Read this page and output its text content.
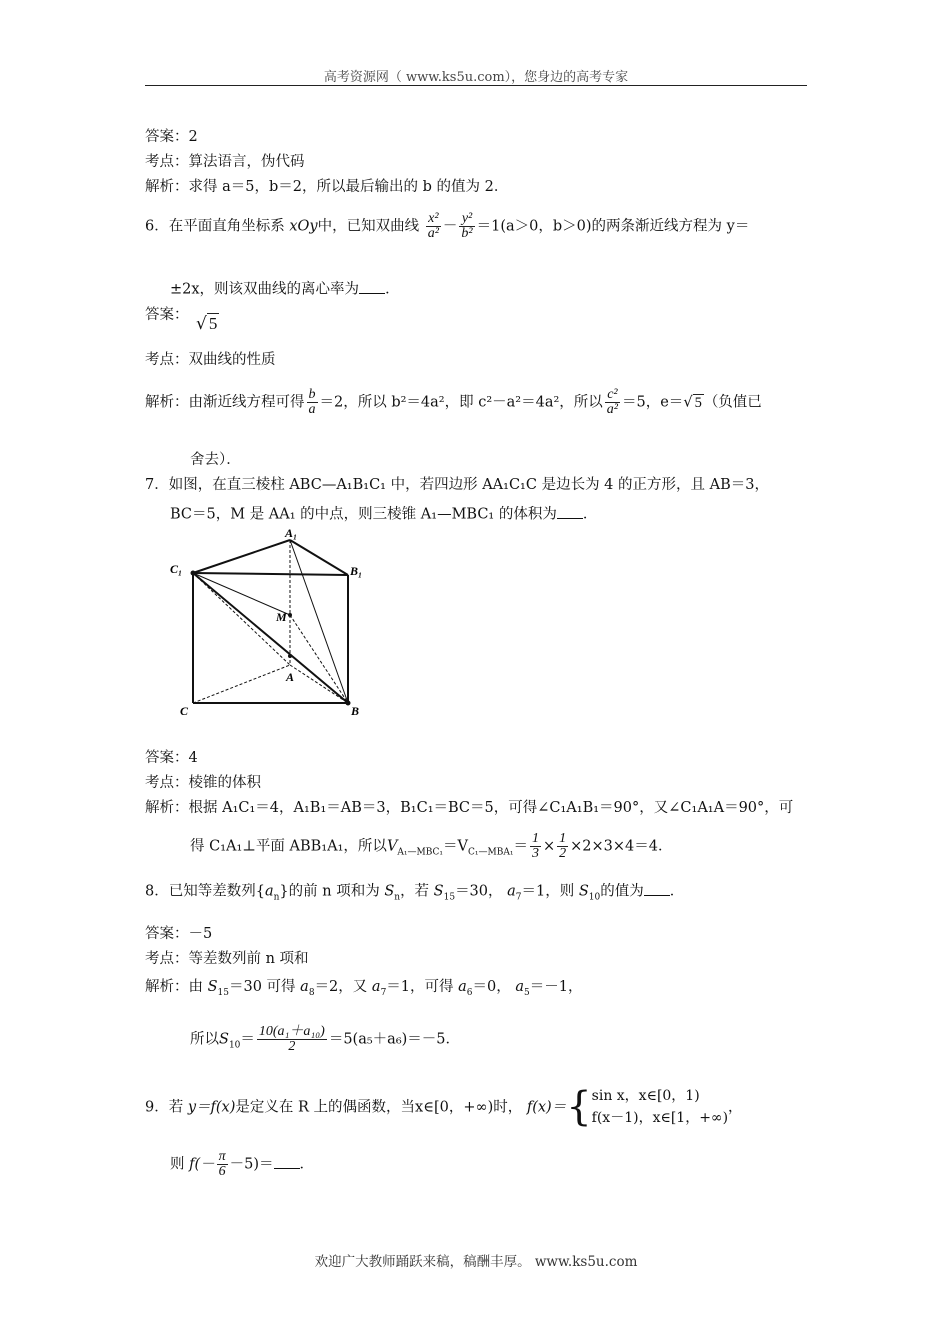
高考资源网（ www.ks5u.com），您身边的高考专家
答案：2
考点：算法语言，伪代码
解析：求得 a＝5，b＝2，所以最后输出的 b 的值为 2．
6．在平面直角坐标系 xOy中，已知双曲线 $\frac{\text{x²}}{\text{a²}} - \frac{\text{y²}}{\text{b²}} =1(a>0$，b＞0)的两条渐近线方程为 y＝
±2x，则该双曲线的离心率为 ．
答案： √ 5
考点：双曲线的性质
解析：由渐近线方程可得 $\frac{b}{a} =2$，所以 b²＝4a²，即 c²－a²＝4a²，所以 $\frac{\text{c²}}{\text{a²}} =5$，e＝√ 5 （负值已
舍去）．
7．如图，在直三棱柱 ABC—A₁B₁C₁ 中，若四边形 AA₁C₁C 是边长为 4 的正方形，且 AB＝3，
BC＝5，M 是 AA₁ 的中点，则三棱锥 A₁—MBC₁ 的体积为 ．
A₁
B₁
C₁
M
A
B
C
答案：4
考点：棱锥的体积
解析：根据 A₁C₁＝4，A₁B₁＝AB＝3，B₁C₁＝BC＝5，可得∠C₁A₁B₁＝90°，又∠C₁A₁A＝90°，可
得 C₁A₁⊥平面 ABB₁A₁，所以$V_{A_1—MBC_1}=V_{C_1—MBA_1}= \frac{1}{3} \times \frac{1}{2} \times 2\times 3\times 4=4$．
8．已知等差数列$\{a_n\}$的前 n 项和为 $S_n$，若 $S_{15}=30$， $a_7=1$，则 $S_{10}$的值为 ．
答案：－5
考点：等差数列前 n 项和
解析：由 $S_{15}=30$ 可得 $a_8=2$，又 $a_7=1$，可得 $a_6=0$， $a_5=-1$，
所以$S_{10}= \frac{\text{10(a₁＋a₁₀)}}{2} =5(a_5+a_6)=-5$．
9．若 y＝f(x)是定义在 R 上的偶函数，当x∈[0，+∞)时， f(x)＝{ sin x，x∈[0，1)
f(x－1)，x∈[1，+∞)
，
则 $f(- \frac{\pi}{6} -5)=$ ．
欢迎广大教师踊跃来稿，稿酬丰厚。 www.ks5u.com
